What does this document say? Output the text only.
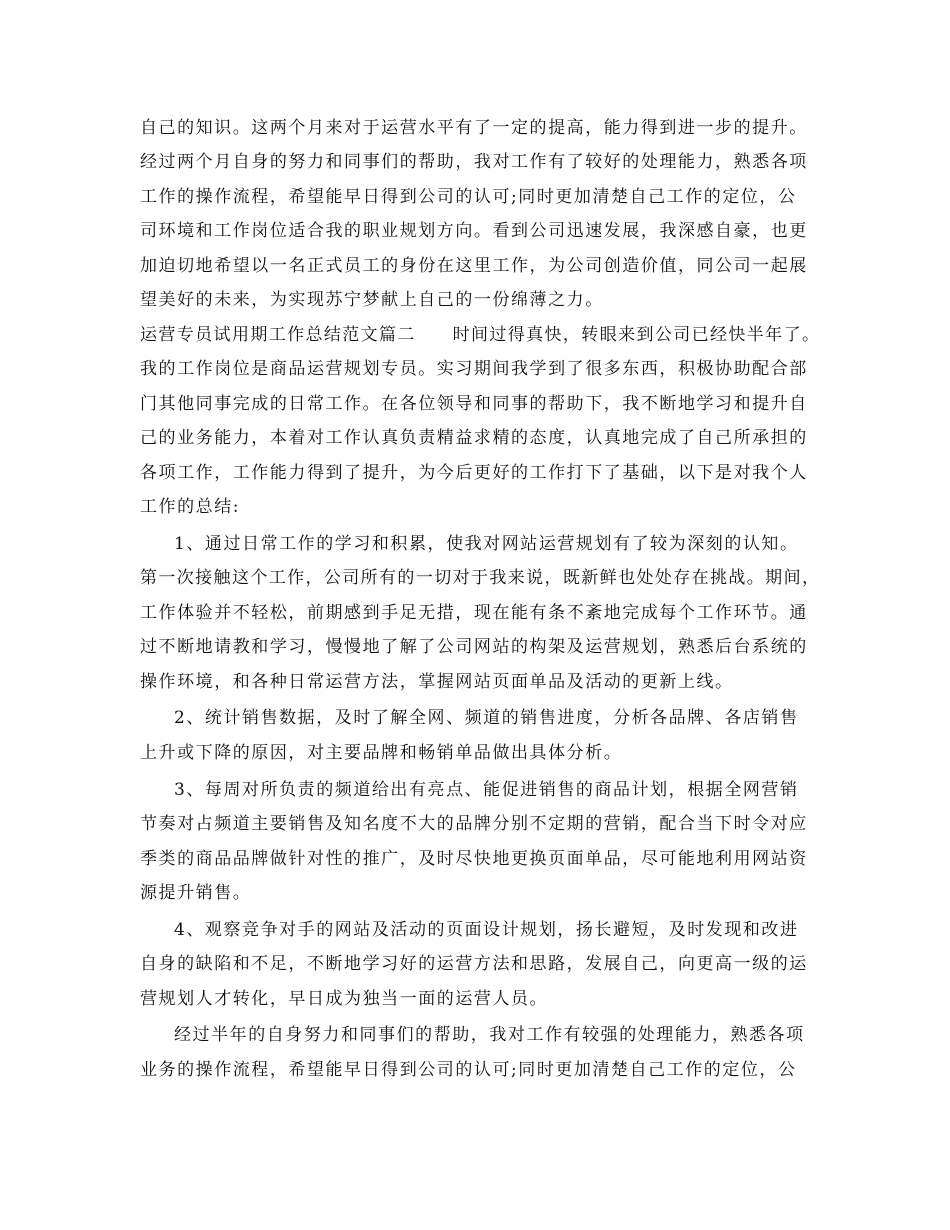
自己的知识。这两个月来对于运营水平有了一定的提高，能力得到进一步的提升。
经过两个月自身的努力和同事们的帮助，我对工作有了较好的处理能力，熟悉各项
工作的操作流程，希望能早日得到公司的认可;同时更加清楚自己工作的定位，公
司环境和工作岗位适合我的职业规划方向。看到公司迅速发展，我深感自豪，也更
加迫切地希望以一名正式员工的身份在这里工作，为公司创造价值，同公司一起展
望美好的未来，为实现苏宁梦献上自己的一份绵薄之力。
运营专员试用期工作总结范文篇二　　时间过得真快，转眼来到公司已经快半年了。
我的工作岗位是商品运营规划专员。实习期间我学到了很多东西，积极协助配合部
门其他同事完成的日常工作。在各位领导和同事的帮助下，我不断地学习和提升自
己的业务能力，本着对工作认真负责精益求精的态度，认真地完成了自己所承担的
各项工作，工作能力得到了提升，为今后更好的工作打下了基础，以下是对我个人
工作的总结:
1、通过日常工作的学习和积累，使我对网站运营规划有了较为深刻的认知。
第一次接触这个工作，公司所有的一切对于我来说，既新鲜也处处存在挑战。期间，
工作体验并不轻松，前期感到手足无措，现在能有条不紊地完成每个工作环节。通
过不断地请教和学习，慢慢地了解了公司网站的构架及运营规划，熟悉后台系统的
操作环境，和各种日常运营方法，掌握网站页面单品及活动的更新上线。
2、统计销售数据，及时了解全网、频道的销售进度，分析各品牌、各店销售
上升或下降的原因，对主要品牌和畅销单品做出具体分析。
3、每周对所负责的频道给出有亮点、能促进销售的商品计划，根据全网营销
节奏对占频道主要销售及知名度不大的品牌分别不定期的营销，配合当下时令对应
季类的商品品牌做针对性的推广，及时尽快地更换页面单品，尽可能地利用网站资
源提升销售。
4、观察竞争对手的网站及活动的页面设计规划，扬长避短，及时发现和改进
自身的缺陷和不足，不断地学习好的运营方法和思路，发展自己，向更高一级的运
营规划人才转化，早日成为独当一面的运营人员。
经过半年的自身努力和同事们的帮助，我对工作有较强的处理能力，熟悉各项
业务的操作流程，希望能早日得到公司的认可;同时更加清楚自己工作的定位，公
